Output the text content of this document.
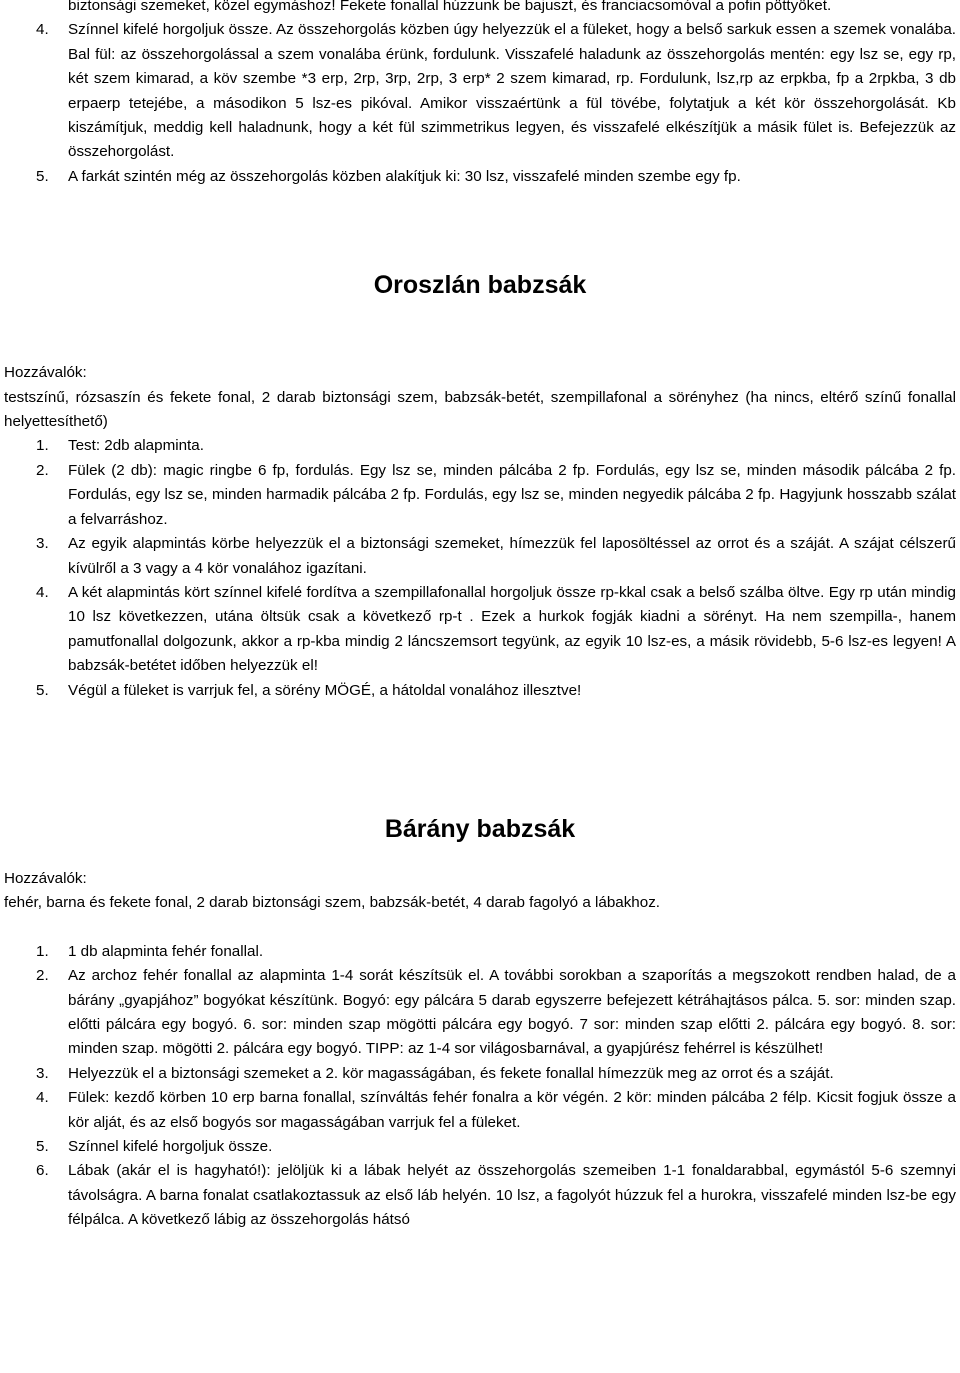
biztonsági szemeket, közel egymáshoz! Fekete fonallal húzzunk be bajuszt, és franciacsomóval a pofin pöttyöket.

4. Színnel kifelé horgoljuk össze. Az összehorgolás közben úgy helyezzük el a füleket, hogy a belső sarkuk essen a szemek vonalába. Bal fül: az összehorgolással a szem vonalába érünk, fordulunk. Visszafelé haladunk az összehorgolás mentén: egy lsz se, egy rp, két szem kimarad, a köv szembe *3 erp, 2rp, 3rp, 2rp, 3 erp* 2 szem kimarad, rp. Fordulunk, lsz,rp az erpkba, fp a 2rpkba, 3 db erpaerp tetejébe, a másodikon 5 lsz-es pikóval. Amikor visszaértünk a fül tövébe, folytatjuk a két kör összehorgolását. Kb kiszámítjuk, meddig kell haladnunk, hogy a két fül szimmetrikus legyen, és visszafelé elkészítjük a másik fület is. Befejezzük az összehorgolást.
5. A farkát szintén még az összehorgolás közben alakítjuk ki: 30 lsz, visszafelé minden szembe egy fp.
Oroszlán babzsák

Hozzávalók:

testszínű, rózsaszín és fekete fonal, 2 darab biztonsági szem, babzsák-betét, szempillafonal a sörényhez (ha nincs, eltérő színű fonallal helyettesíthető)

1. Test: 2db alapminta.
2. Fülek (2 db): magic ringbe 6 fp, fordulás. Egy lsz se, minden pálcába 2 fp. Fordulás, egy lsz se, minden második pálcába 2 fp. Fordulás, egy lsz se, minden harmadik pálcába 2 fp. Fordulás, egy lsz se, minden negyedik pálcába 2 fp. Hagyjunk hosszabb szálat a felvarráshoz.
3. Az egyik alapmintás körbe helyezzük el a biztonsági szemeket, hímezzük fel laposöltéssel az orrot és a száját. A szájat célszerű kívülről a 3 vagy a 4 kör vonalához igazítani.
4. A két alapmintás kört színnel kifelé fordítva a szempillafonallal horgoljuk össze rp-kkal csak a belső szálba öltve. Egy rp után mindig 10 lsz következzen, utána öltsük csak a következő rp-t . Ezek a hurkok fogják kiadni a sörényt. Ha nem szempilla-, hanem pamutfonallal dolgozunk, akkor a rp-kba mindig 2 láncszemsort tegyünk, az egyik 10 lsz-es, a másik rövidebb, 5-6 lsz-es legyen! A babzsák-betétet időben helyezzük el!
5. Végül a füleket is varrjuk fel, a sörény MÖGÉ, a hátoldal vonalához illesztve!
Bárány babzsák

Hozzávalók:

fehér, barna és fekete fonal, 2 darab biztonsági szem, babzsák-betét, 4 darab fagolyó a lábakhoz.

1. 1 db alapminta fehér fonallal.
2. Az archoz fehér fonallal az alapminta 1-4 sorát készítsük el. A további sorokban a szaporítás a megszokott rendben halad, de a bárány „gyapjához” bogyókat készítünk. Bogyó: egy pálcára 5 darab egyszerre befejezett kétráhajtásos pálca. 5. sor: minden szap. előtti pálcára egy bogyó. 6. sor: minden szap mögötti pálcára egy bogyó. 7 sor: minden szap előtti 2. pálcára egy bogyó. 8. sor: minden szap. mögötti 2. pálcára egy bogyó. TIPP: az 1-4 sor világosbarnával, a gyapjúrész fehérrel is készülhet!
3. Helyezzük el a biztonsági szemeket a 2. kör magasságában, és fekete fonallal hímezzük meg az orrot és a száját.
4. Fülek: kezdő körben 10 erp barna fonallal, színváltás fehér fonalra a kör végén. 2 kör: minden pálcába 2 félp. Kicsit fogjuk össze a kör alját, és az első bogyós sor magasságában varrjuk fel a füleket.
5. Színnel kifelé horgoljuk össze.
6. Lábak (akár el is hagyható!): jelöljük ki a lábak helyét az összehorgolás szemeiben 1-1 fonaldarabbal, egymástól 5-6 szemnyi távolságra. A barna fonalat csatlakoztassuk az első láb helyén. 10 lsz, a fagolyót húzzuk fel a hurokra, visszafelé minden lsz-be egy félpálca. A következő lábig az összehorgolás hátsó
